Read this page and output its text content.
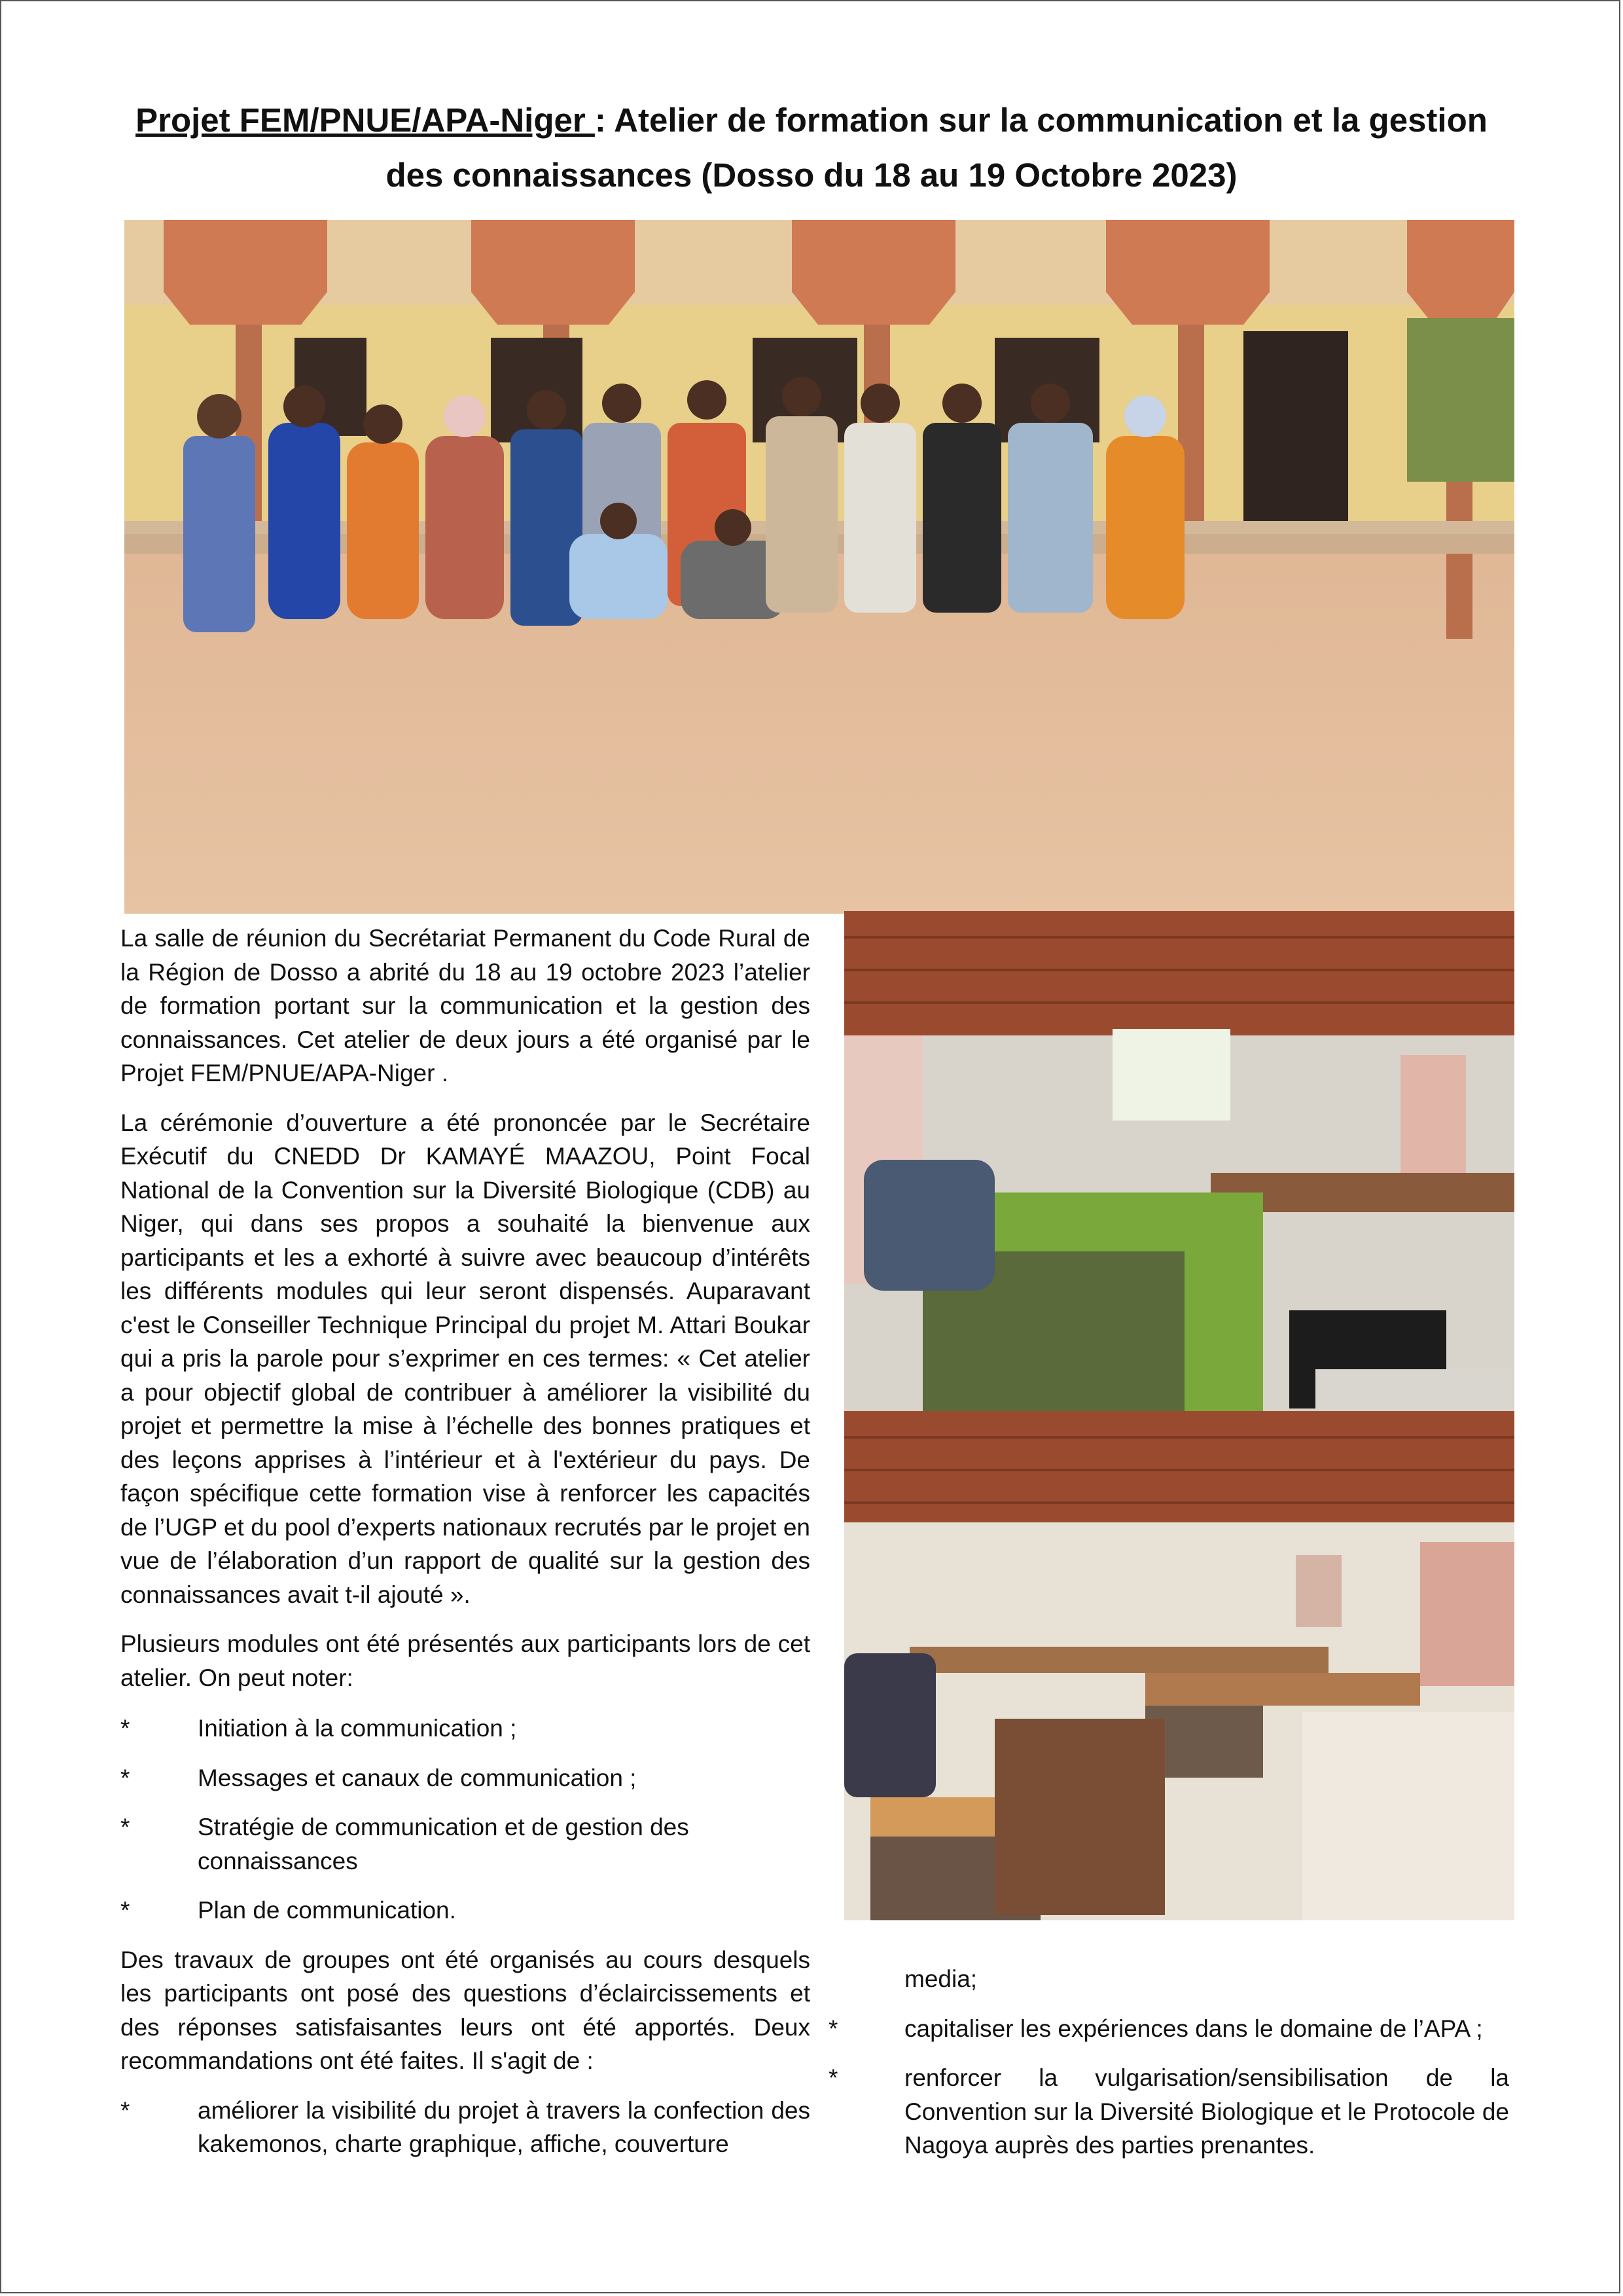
Projet FEM/PNUE/APA-Niger : Atelier de formation sur la communication et la gestion
des connaissances (Dosso du 18 au 19 Octobre 2023)

La salle de réunion du Secrétariat Permanent du Code Rural de la Région de Dosso a abrité du 18 au 19 octobre 2023 l’atelier de formation portant sur la communication et la gestion des connaissances. Cet atelier de deux jours a été organisé par le Projet FEM/PNUE/APA-Niger .

La cérémonie d’ouverture a été prononcée par le Secrétaire Exécutif du CNEDD Dr KAMAYÉ MAAZOU, Point Focal National de la Convention sur la Diversité Biologique (CDB) au Niger, qui dans ses propos a souhaité la bienvenue aux participants et les a exhorté à suivre avec beaucoup d’intérêts les différents modules qui leur seront dispensés. Auparavant c'est le Conseiller Technique Principal du projet M. Attari Boukar qui a pris la parole pour s’exprimer en ces termes: « Cet atelier a pour objectif global de contribuer à améliorer la visibilité du projet et permettre la mise à l’échelle des bonnes pratiques et des leçons apprises à l’intérieur et à l'extérieur du pays. De façon spécifique cette formation vise à renforcer les capacités de l’UGP et du pool d’experts nationaux recrutés par le projet en vue de l’élaboration d’un rapport de qualité sur la gestion des connaissances avait t-il ajouté ».

Plusieurs modules ont été présentés aux participants lors de cet atelier. On peut noter:

*	Initiation à la communication ;
*	Messages et canaux de communication ;
*	Stratégie de communication et de gestion des connaissances
*	Plan de communication.

Des travaux de groupes ont été organisés au cours desquels les participants ont posé des questions d’éclaircissements et des réponses satisfaisantes leurs ont été apportés. Deux recommandations ont été faites. Il s'agit de :

*	améliorer la visibilité du projet à travers la confection des kakemonos, charte graphique, affiche, couverture
media;
*	capitaliser les expériences dans le domaine de l’APA ;
*	renforcer la vulgarisation/sensibilisation de la Convention sur la Diversité Biologique et le Protocole de Nagoya auprès des parties prenantes.
